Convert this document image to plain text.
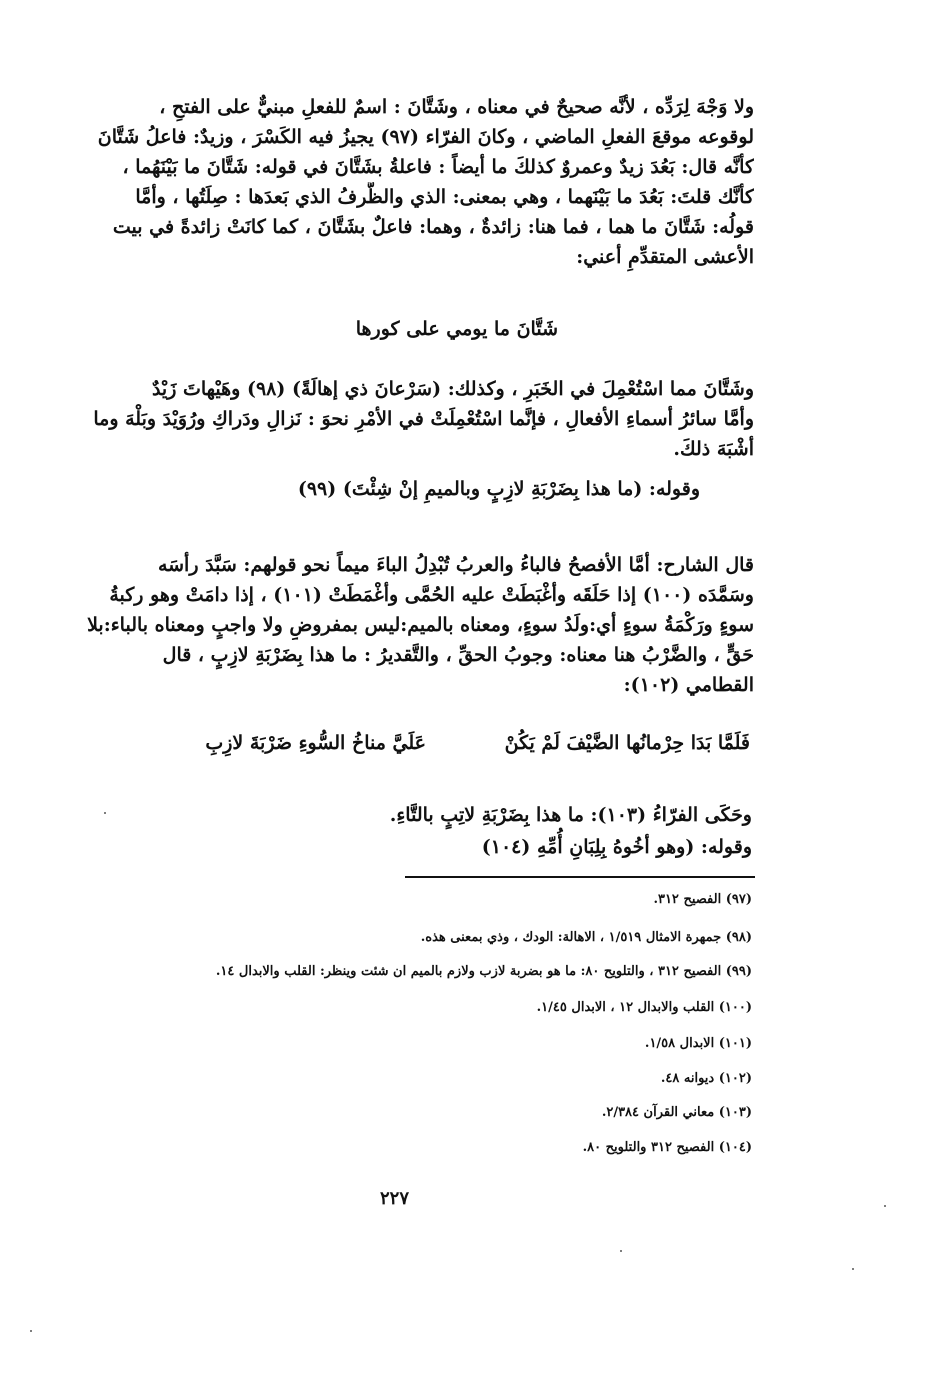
ولا وَجْهَ لِرَدِّه ، لأنَّه صحيحٌ في معناه ، وشَتَّانَ : اسمٌ للفعلِ مبنيٌّ على الفتحِ ،
لوقوعه موقعَ الفعلِ الماضي ، وكانَ الفرّاء (٩٧) يجيزُ فيه الكَسْرَ ، وزيدٌ: فاعلُ شَتَّانَ
كأنَّه قال: بَعُدَ زيدٌ وعمروٌ كذلكَ ما أيضاً : فاعلةُ بشَتَّانَ في قوله: شَتَّانَ ما بَيْنَهُما ،
كأنَّك قلتَ: بَعُدَ ما بَيْنَهما ، وهي بمعنى: الذي والظَّرفُ الذي بَعدَها : صِلَتُها ، وأمَّا
قولُه: شَتَّانَ ما هما ، فما هنا: زائدةٌ ، وهما: فاعلٌ بشَتَّانَ ، كما كانَتْ زائدةً في بيت
الأعشى المتقدِّمِ أعني:
شَتَّانَ ما يومي على كورها
وشَتَّانَ مما اسْتُعْمِلَ في الخَبَرِ ، وكذلك: (سَرْعانَ ذي إهالَةً) (٩٨) وهَيْهاتَ زَيْدٌ
وأمَّا سائرُ أسماءِ الأفعالِ ، فإنَّما اسْتُعْمِلَتْ في الأمْرِ نحوَ : نَزالِ ودَراكِ ورُوَيْدَ وبَلْهَ وما
أشْبَهَ ذلكَ.
وقوله: (ما هذا بِضَرْبَةِ لازِبٍ وبالميمِ إنْ شِئْتَ) (٩٩)
قال الشارح: أمَّا الأفصحُ فالباءُ والعربُ تُبْدِلُ الباءَ ميماً نحو قولهم: سَبَّدَ رأسَه
وسَمَّدَه (١٠٠) إذا حَلَقَه وأغْبَطَتْ عليه الحُمَّى وأغْمَطَتْ (١٠١) ، إذا دامَتْ وهو ركبةُ
سوءٍ ورَكْمَةُ سوءٍ أي:ولَدُ سوءٍ، ومعناه بالميم:ليس بمفروضٍ ولا واجبٍ ومعناه بالباء:بلا
حَقٍّ ، والضَّرْبُ هنا معناه: وجوبُ الحقِّ ، والتَّقديرُ : ما هذا بِضَرْبَةِ لازِبٍ ، قال
القطامي (١٠٢):
فَلَمَّا بَدَا حِرْمانُها الضَّيْفَ لَمْ يَكُنْ
عَلَيَّ مناخُ السُّوءِ ضَرْبَةَ لازِبِ
وحَكَى الفرّاءُ (١٠٣): ما هذا بِضَرْبَةِ لاتِبٍ بالتَّاءِ.
وقوله: (وهو أخُوهُ بِلِبَانِ أُمِّهِ (١٠٤)
(٩٧) الفصيح ٣١٢.
(٩٨) جمهرة الامثال ١/٥١٩ ، الاهالة: الودك ، وذي بمعنى هذه.
(٩٩) الفصيح ٣١٢ ، والتلويح ٨٠: ما هو بضربة لازب ولازم بالميم ان شئت وينظر: القلب والابدال ١٤.
(١٠٠) القلب والابدال ١٢ ، الابدال ١/٤٥.
(١٠١) الابدال ١/٥٨.
(١٠٢) ديوانه ٤٨.
(١٠٣) معاني القرآن ٢/٣٨٤.
(١٠٤) الفصيح ٣١٢ والتلويح ٨٠.
٢٢٧
